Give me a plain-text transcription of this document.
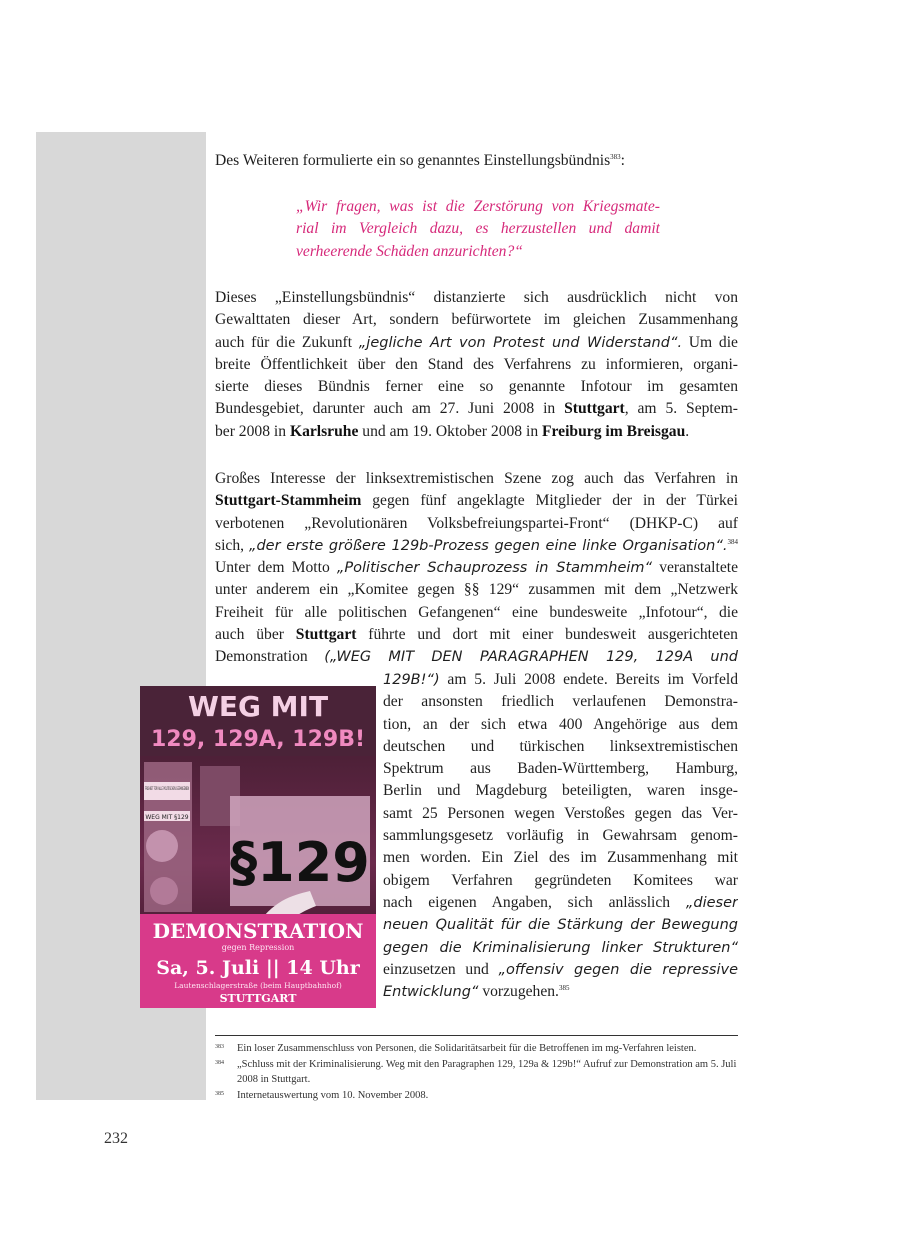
Des Weiteren formulierte ein so genanntes Einstellungsbündnis$^{383}$:
„Wir fragen, was ist die Zerstörung von Kriegsmate-
rial im Vergleich dazu, es herzustellen und damit
verheerende Schäden anzurichten?“
Dieses „Einstellungsbündnis“ distanzierte sich ausdrücklich nicht von
Gewalttaten dieser Art, sondern befürwortete im gleichen Zusammenhang
auch für die Zukunft „jegliche Art von Protest und Widerstand“. Um die
breite Öffentlichkeit über den Stand des Verfahrens zu informieren, organi-
sierte dieses Bündnis ferner eine so genannte Infotour im gesamten
Bundesgebiet, darunter auch am 27. Juni 2008 in Stuttgart, am 5. Septem-
ber 2008 in Karlsruhe und am 19. Oktober 2008 in Freiburg im Breisgau.
Großes Interesse der linksextremistischen Szene zog auch das Verfahren in
Stuttgart-Stammheim gegen fünf angeklagte Mitglieder der in der Türkei
verbotenen „Revolutionären Volksbefreiungspartei-Front“ (DHKP-C) auf
sich, „der erste größere 129b-Prozess gegen eine linke Organisation“.$^{384}$
Unter dem Motto „Politischer Schauprozess in Stammheim“ veranstaltete
unter anderem ein „Komitee gegen §§ 129“ zusammen mit dem „Netzwerk
Freiheit für alle politischen Gefangenen“ eine bundesweite „Infotour“, die
auch über Stuttgart führte und dort mit einer bundesweit ausgerichteten
Demonstration („WEG MIT DEN PARAGRAPHEN 129, 129A und
129B!“) am 5. Juli 2008 endete. Bereits im Vorfeld
der ansonsten friedlich verlaufenen Demonstra-
tion, an der sich etwa 400 Angehörige aus dem
deutschen und türkischen linksextremistischen
Spektrum aus Baden-Württemberg, Hamburg,
Berlin und Magdeburg beteiligten, waren insge-
samt 25 Personen wegen Verstoßes gegen das Ver-
sammlungsgesetz vorläufig in Gewahrsam genom-
men worden. Ein Ziel des im Zusammenhang mit
obigem Verfahren gegründeten Komitees war
nach eigenen Angaben, sich anlässlich „dieser
neuen Qualität für die Stärkung der Bewegung
gegen die Kriminalisierung linker Strukturen“
einzusetzen und „offensiv gegen die repressive
Entwicklung“ vorzugehen.$^{385}$
WEG MIT
129, 129A, 129B!
WEG MIT §129
§129
DEMONSTRATION
gegen Repression
Sa, 5. Juli || 14 Uhr
Lautenschlagerstraße (beim Hauptbahnhof)
STUTTGART
383 Ein loser Zusammenschluss von Personen, die Solidaritätsarbeit für die Betroffenen im mg-Verfahren leisten.
384 „Schluss mit der Kriminalisierung. Weg mit den Paragraphen 129, 129a & 129b!“ Aufruf zur Demonstration am 5. Juli 2008 in Stuttgart.
385 Internetauswertung vom 10. November 2008.
232
